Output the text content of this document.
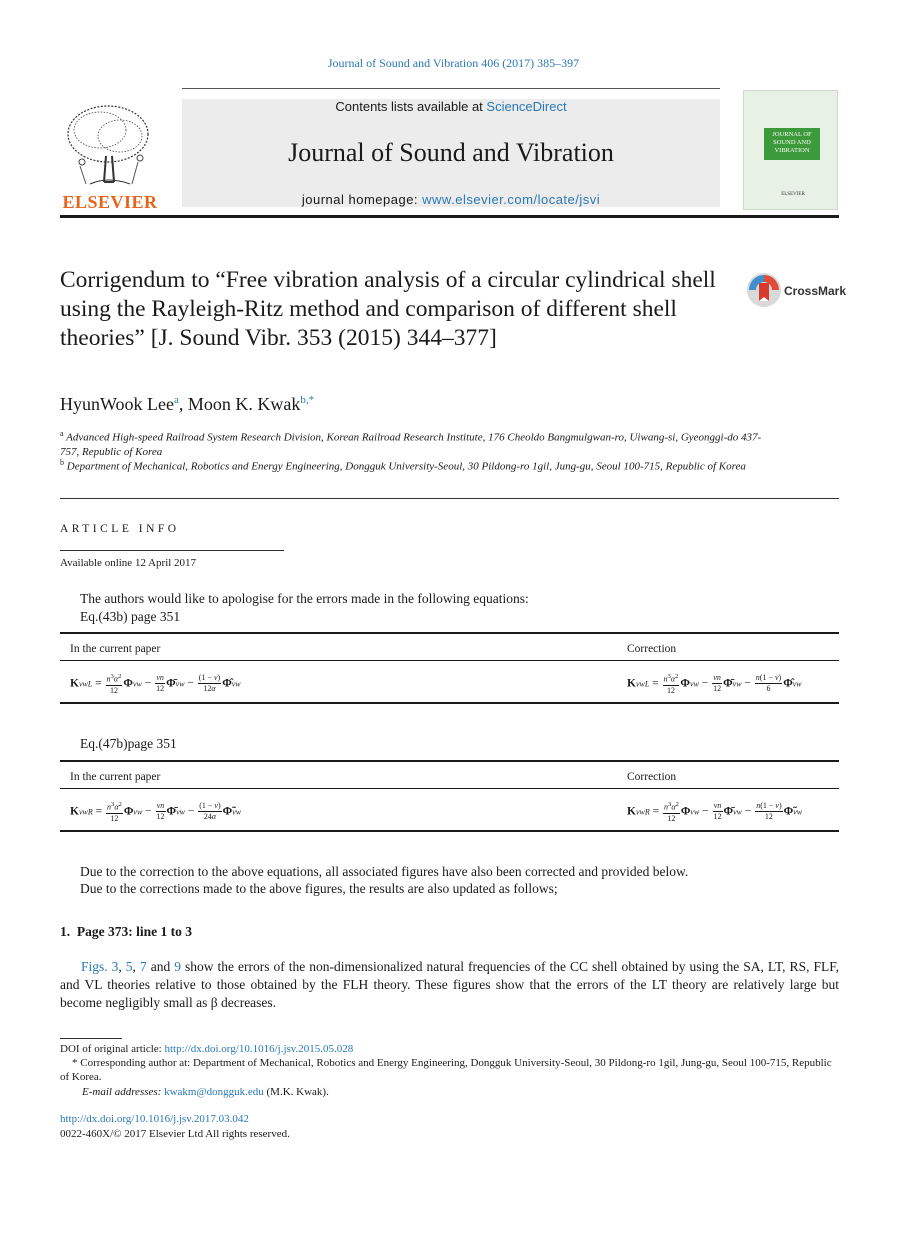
Journal of Sound and Vibration 406 (2017) 385–397
Contents lists available at ScienceDirect
Journal of Sound and Vibration
journal homepage: www.elsevier.com/locate/jsvi
ELSEVIER
JOURNAL OF SOUND AND VIBRATION
ELSEVIER
Corrigendum to “Free vibration analysis of a circular cylindrical shell using the Rayleigh-Ritz method and comparison of different shell theories” [J. Sound Vibr. 353 (2015) 344–377]
CrossMark
HyunWook Lee$^a$, Moon K. Kwak$^{b,*}$
$^a$ Advanced High-speed Railroad System Research Division, Korean Railroad Research Institute, 176 Cheoldo Bangmulgwan-ro, Uiwang-si, Gyeonggi-do 437-757, Republic of Korea
$^b$ Department of Mechanical, Robotics and Energy Engineering, Dongguk University-Seoul, 30 Pildong-ro 1gil, Jung-gu, Seoul 100-715, Republic of Korea
ARTICLE INFO
Available online 12 April 2017
The authors would like to apologise for the errors made in the following equations:
Eq.(43b) page 351
In the current paper	Correction
KvwL = $\frac{n^3\alpha^2}{12}$ $\Phi vw - \frac{\nu n}{12}$ Φ̄vw − $\frac{(1 - \nu)}{12\alpha}$ Φ̂vw	KvwL = $\frac{n^3\alpha^2}{12}$ $\Phi vw - \frac{\nu n}{12}$ Φ̄vw − $\frac{n(1 - \nu)}{6}$ Φ̂vw
Eq.(47b)page 351
In the current paper	Correction
KvwR = $\frac{n^3\alpha^2}{12}$ $\Phi vw - \frac{\nu n}{12}$ Φ̄vw − $\frac{(1 - \nu)}{24\alpha}$ Φ̃vw	KvwR = $\frac{n^3\alpha^2}{12}$ $\Phi vw - \frac{\nu n}{12}$ Φ̄vw − $\frac{n(1 - \nu)}{12}$ Φ̃vw
Due to the correction to the above equations, all associated figures have also been corrected and provided below.
Due to the corrections made to the above figures, the results are also updated as follows;
1. Page 373: line 1 to 3
Figs. 3, 5, 7 and 9 show the errors of the non-dimensionalized natural frequencies of the CC shell obtained by using the SA, LT, RS, FLF, and VL theories relative to those obtained by the FLH theory. These figures show that the errors of the LT theory are relatively large but become negligibly small as β decreases.
DOI of original article: http://dx.doi.org/10.1016/j.jsv.2015.05.028
* Corresponding author at: Department of Mechanical, Robotics and Energy Engineering, Dongguk University-Seoul, 30 Pildong-ro 1gil, Jung-gu, Seoul 100-715, Republic of Korea.
E-mail addresses: kwakm@dongguk.edu (M.K. Kwak).
http://dx.doi.org/10.1016/j.jsv.2017.03.042
0022-460X/© 2017 Elsevier Ltd All rights reserved.
